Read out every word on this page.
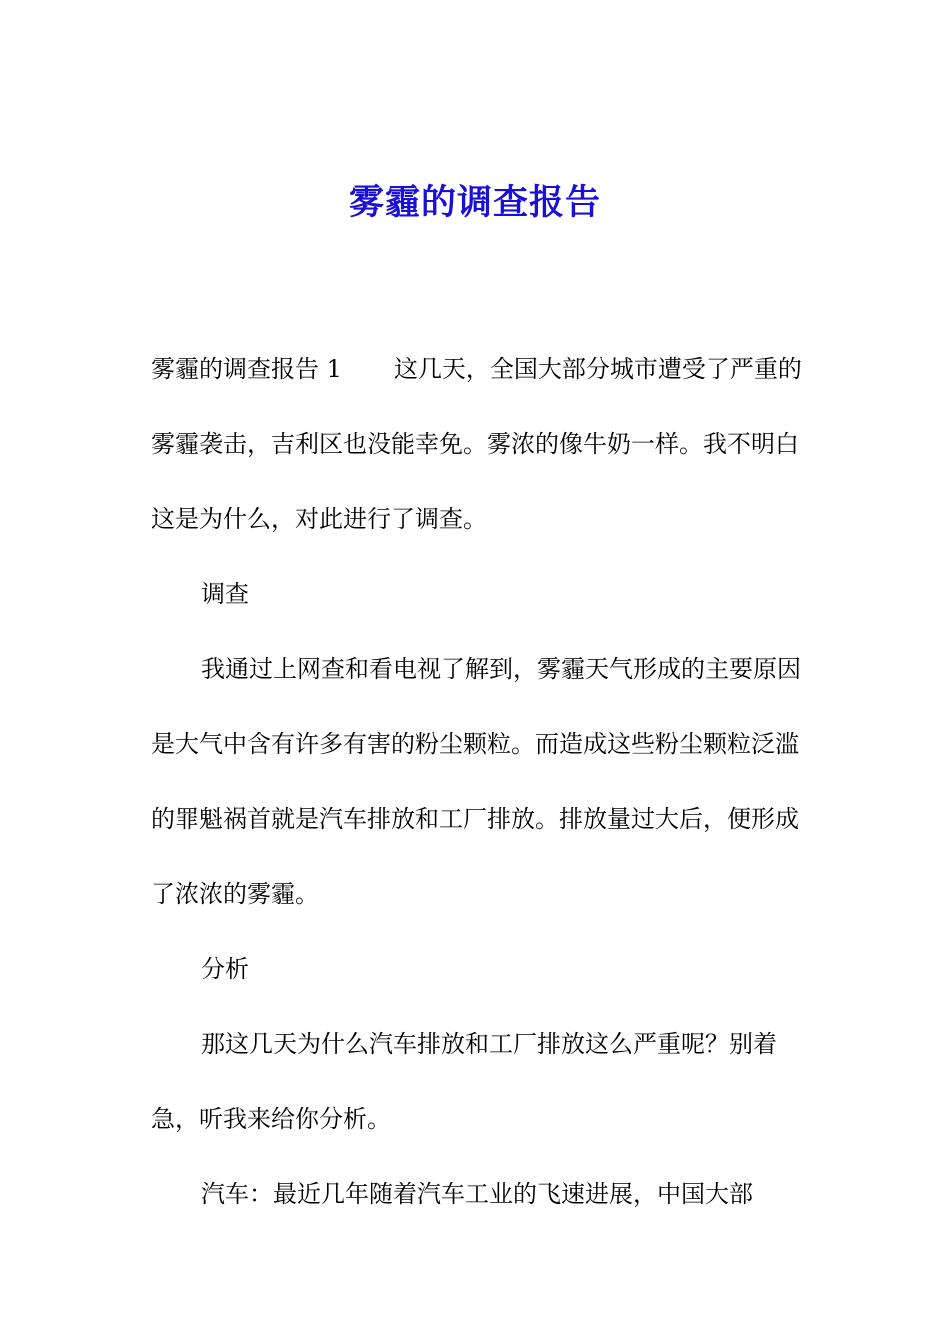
雾霾的调查报告

雾霾的调查报告 1 这几天，全国大部分城市遭受了严重的雾霾袭击，吉利区也没能幸免。雾浓的像牛奶一样。我不明白这是为什么，对此进行了调查。

调查

我通过上网查和看电视了解到，雾霾天气形成的主要原因是大气中含有许多有害的粉尘颗粒。而造成这些粉尘颗粒泛滥的罪魁祸首就是汽车排放和工厂排放。排放量过大后，便形成了浓浓的雾霾。

分析

那这几天为什么汽车排放和工厂排放这么严重呢？别着急，听我来给你分析。

汽车：最近几年随着汽车工业的飞速进展，中国大部
